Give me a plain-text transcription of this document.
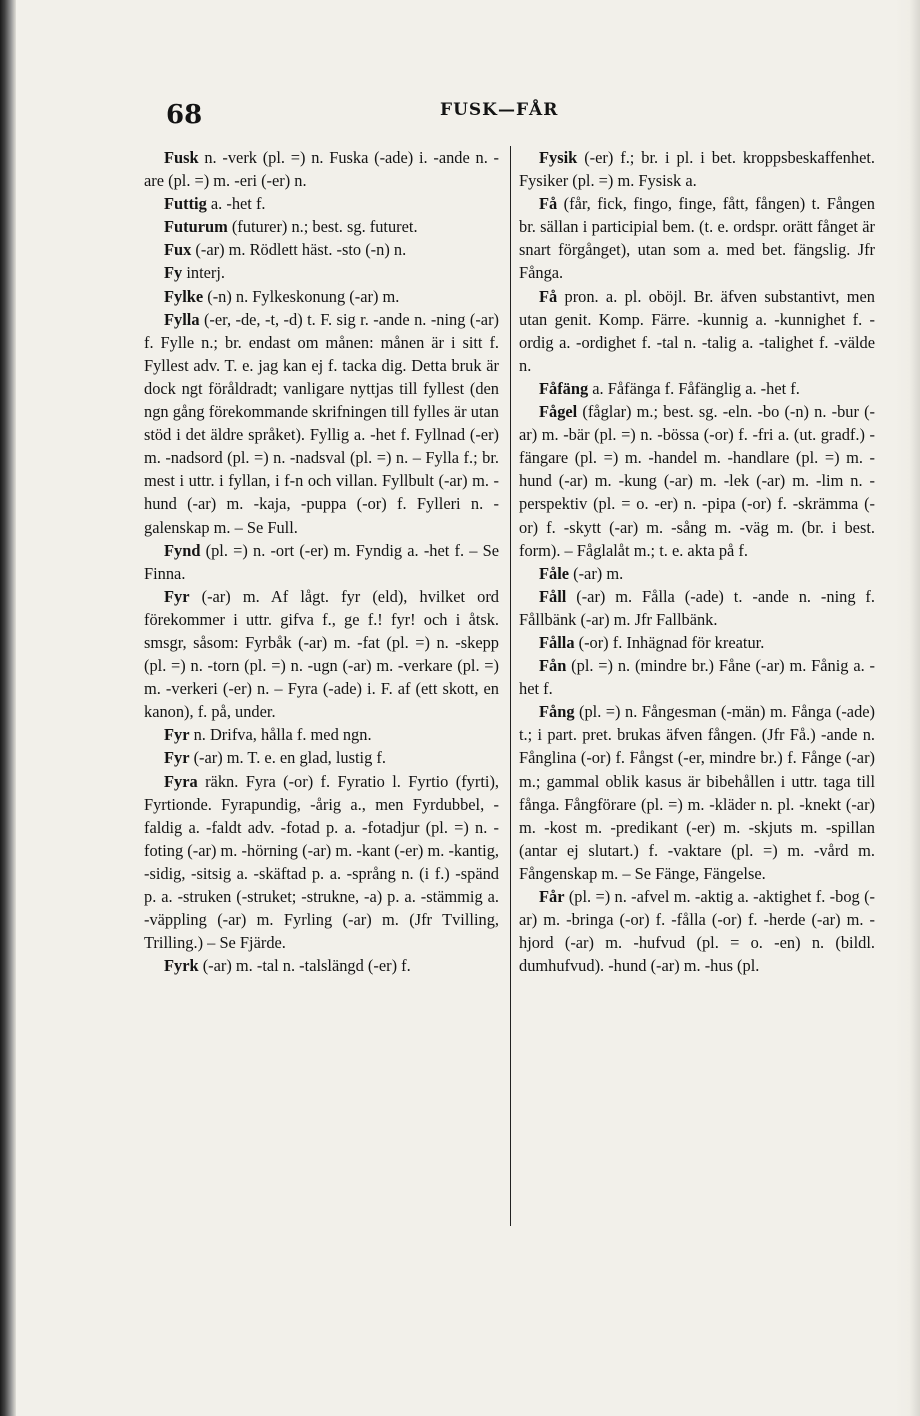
68	FUSK—FÅR

Fusk n. -verk (pl. =) n. Fuska (-ade) i. -ande n. -are (pl. =) m. -eri (-er) n.

Futtig a. -het f.

Futurum (futurer) n.; best. sg. futuret.

Fux (-ar) m. Rödlett häst. -sto (-n) n.

Fy interj.

Fylke (-n) n. Fylkeskonung (-ar) m.

Fylla (-er, -de, -t, -d) t. F. sig r. -ande n. -ning (-ar) f. Fylle n.; br. endast om månen: månen är i sitt f. Fyllest adv. T. e. jag kan ej f. tacka dig. Detta bruk är dock ngt föråldradt; vanligare nyttjas till fyllest (den ngn gång förekommande skrifningen till fylles är utan stöd i det äldre språket). Fyllig a. -het f. Fyllnad (-er) m. -nadsord (pl. =) n. -nadsval (pl. =) n. – Fylla f.; br. mest i uttr. i fyllan, i f-n och villan. Fyllbult (-ar) m. -hund (-ar) m. -kaja, -puppa (-or) f. Fylleri n. -galenskap m. – Se Full.

Fynd (pl. =) n. -ort (-er) m. Fyndig a. -het f. – Se Finna.

Fyr (-ar) m. Af lågt. fyr (eld), hvilket ord förekommer i uttr. gifva f., ge f.! fyr! och i åtsk. smsgr, såsom: Fyrbåk (-ar) m. -fat (pl. =) n. -skepp (pl. =) n. -torn (pl. =) n. -ugn (-ar) m. -verkare (pl. =) m. -verkeri (-er) n. – Fyra (-ade) i. F. af (ett skott, en kanon), f. på, under.

Fyr n. Drifva, hålla f. med ngn.

Fyr (-ar) m. T. e. en glad, lustig f.

Fyra räkn. Fyra (-or) f. Fyratio l. Fyrtio (fyrti), Fyrtionde. Fyrapundig, -årig a., men Fyrdubbel, -faldig a. -faldt adv. -fotad p. a. -fotadjur (pl. =) n. -foting (-ar) m. -hörning (-ar) m. -kant (-er) m. -kantig, -sidig, -sitsig a. -skäftad p. a. -språng n. (i f.) -spänd p. a. -struken (-struket; -strukne, -a) p. a. -stämmig a. -väppling (-ar) m. Fyrling (-ar) m. (Jfr Tvilling, Trilling.) – Se Fjärde.

Fyrk (-ar) m. -tal n. -talslängd (-er) f.

Fysik (-er) f.; br. i pl. i bet. kroppsbeskaffenhet. Fysiker (pl. =) m. Fysisk a.

Få (får, fick, fingo, finge, fått, fången) t. Fången br. sällan i participial bem. (t. e. ordspr. orätt fånget är snart förgånget), utan som a. med bet. fängslig. Jfr Fånga.

Få pron. a. pl. oböjl. Br. äfven substantivt, men utan genit. Komp. Färre. -kunnig a. -kunnighet f. -ordig a. -ordighet f. -tal n. -talig a. -talighet f. -välde n.

Fåfäng a. Fåfänga f. Fåfänglig a. -het f.

Fågel (fåglar) m.; best. sg. -eln. -bo (-n) n. -bur (-ar) m. -bär (pl. =) n. -bössa (-or) f. -fri a. (ut. gradf.) -fängare (pl. =) m. -handel m. -handlare (pl. =) m. -hund (-ar) m. -kung (-ar) m. -lek (-ar) m. -lim n. -perspektiv (pl. = o. -er) n. -pipa (-or) f. -skrämma (-or) f. -skytt (-ar) m. -sång m. -väg m. (br. i best. form). – Fåglalåt m.; t. e. akta på f.

Fåle (-ar) m.

Fåll (-ar) m. Fålla (-ade) t. -ande n. -ning f. Fållbänk (-ar) m. Jfr Fallbänk.

Fålla (-or) f. Inhägnad för kreatur.

Fån (pl. =) n. (mindre br.) Fåne (-ar) m. Fånig a. -het f.

Fång (pl. =) n. Fångesman (-män) m. Fånga (-ade) t.; i part. pret. brukas äfven fången. (Jfr Få.) -ande n. Fånglina (-or) f. Fångst (-er, mindre br.) f. Fånge (-ar) m.; gammal oblik kasus är bibehållen i uttr. taga till fånga. Fångförare (pl. =) m. -kläder n. pl. -knekt (-ar) m. -kost m. -predikant (-er) m. -skjuts m. -spillan (antar ej slutart.) f. -vaktare (pl. =) m. -vård m. Fångenskap m. – Se Fänge, Fängelse.

Får (pl. =) n. -afvel m. -aktig a. -aktighet f. -bog (-ar) m. -bringa (-or) f. -fålla (-or) f. -herde (-ar) m. -hjord (-ar) m. -hufvud (pl. = o. -en) n. (bildl. dumhufvud). -hund (-ar) m. -hus (pl.
